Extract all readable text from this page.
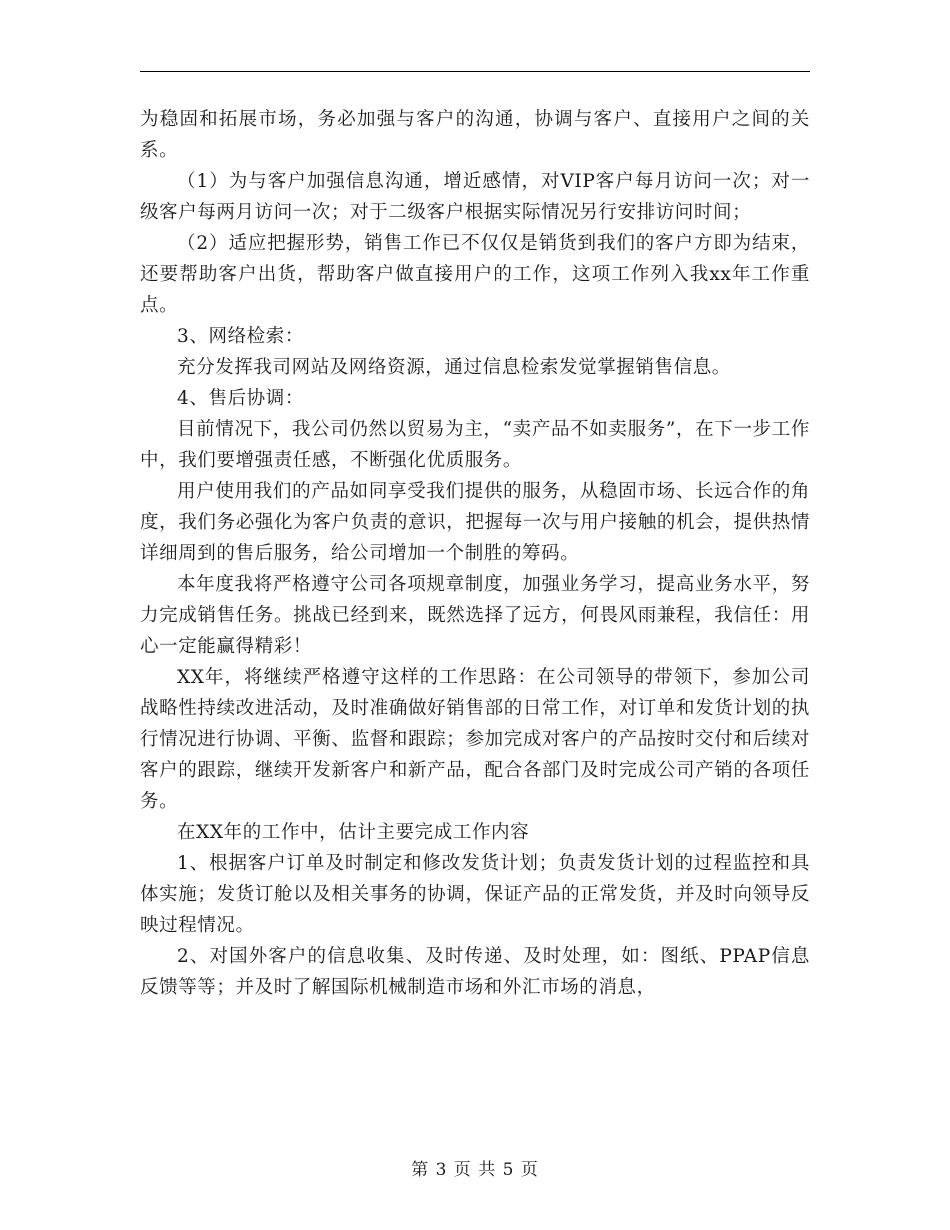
为稳固和拓展市场，务必加强与客户的沟通，协调与客户、直接用户之间的关系。

（1）为与客户加强信息沟通，增近感情，对VIP客户每月访问一次；对一级客户每两月访问一次；对于二级客户根据实际情况另行安排访问时间；

（2）适应把握形势，销售工作已不仅仅是销货到我们的客户方即为结束，还要帮助客户出货，帮助客户做直接用户的工作，这项工作列入我xx年工作重点。

3、网络检索：

充分发挥我司网站及网络资源，通过信息检索发觉掌握销售信息。

4、售后协调：

目前情况下，我公司仍然以贸易为主，“卖产品不如卖服务”，在下一步工作中，我们要增强责任感，不断强化优质服务。

用户使用我们的产品如同享受我们提供的服务，从稳固市场、长远合作的角度，我们务必强化为客户负责的意识，把握每一次与用户接触的机会，提供热情详细周到的售后服务，给公司增加一个制胜的筹码。

本年度我将严格遵守公司各项规章制度，加强业务学习，提高业务水平，努力完成销售任务。挑战已经到来，既然选择了远方，何畏风雨兼程，我信任：用心一定能赢得精彩！

XX年，将继续严格遵守这样的工作思路：在公司领导的带领下，参加公司战略性持续改进活动，及时准确做好销售部的日常工作，对订单和发货计划的执行情况进行协调、平衡、监督和跟踪；参加完成对客户的产品按时交付和后续对客户的跟踪，继续开发新客户和新产品，配合各部门及时完成公司产销的各项任务。

在XX年的工作中，估计主要完成工作内容

1、根据客户订单及时制定和修改发货计划；负责发货计划的过程监控和具体实施；发货订舱以及相关事务的协调，保证产品的正常发货，并及时向领导反映过程情况。

2、对国外客户的信息收集、及时传递、及时处理，如：图纸、PPAP信息反馈等等；并及时了解国际机械制造市场和外汇市场的消息，

第 3 页 共 5 页
